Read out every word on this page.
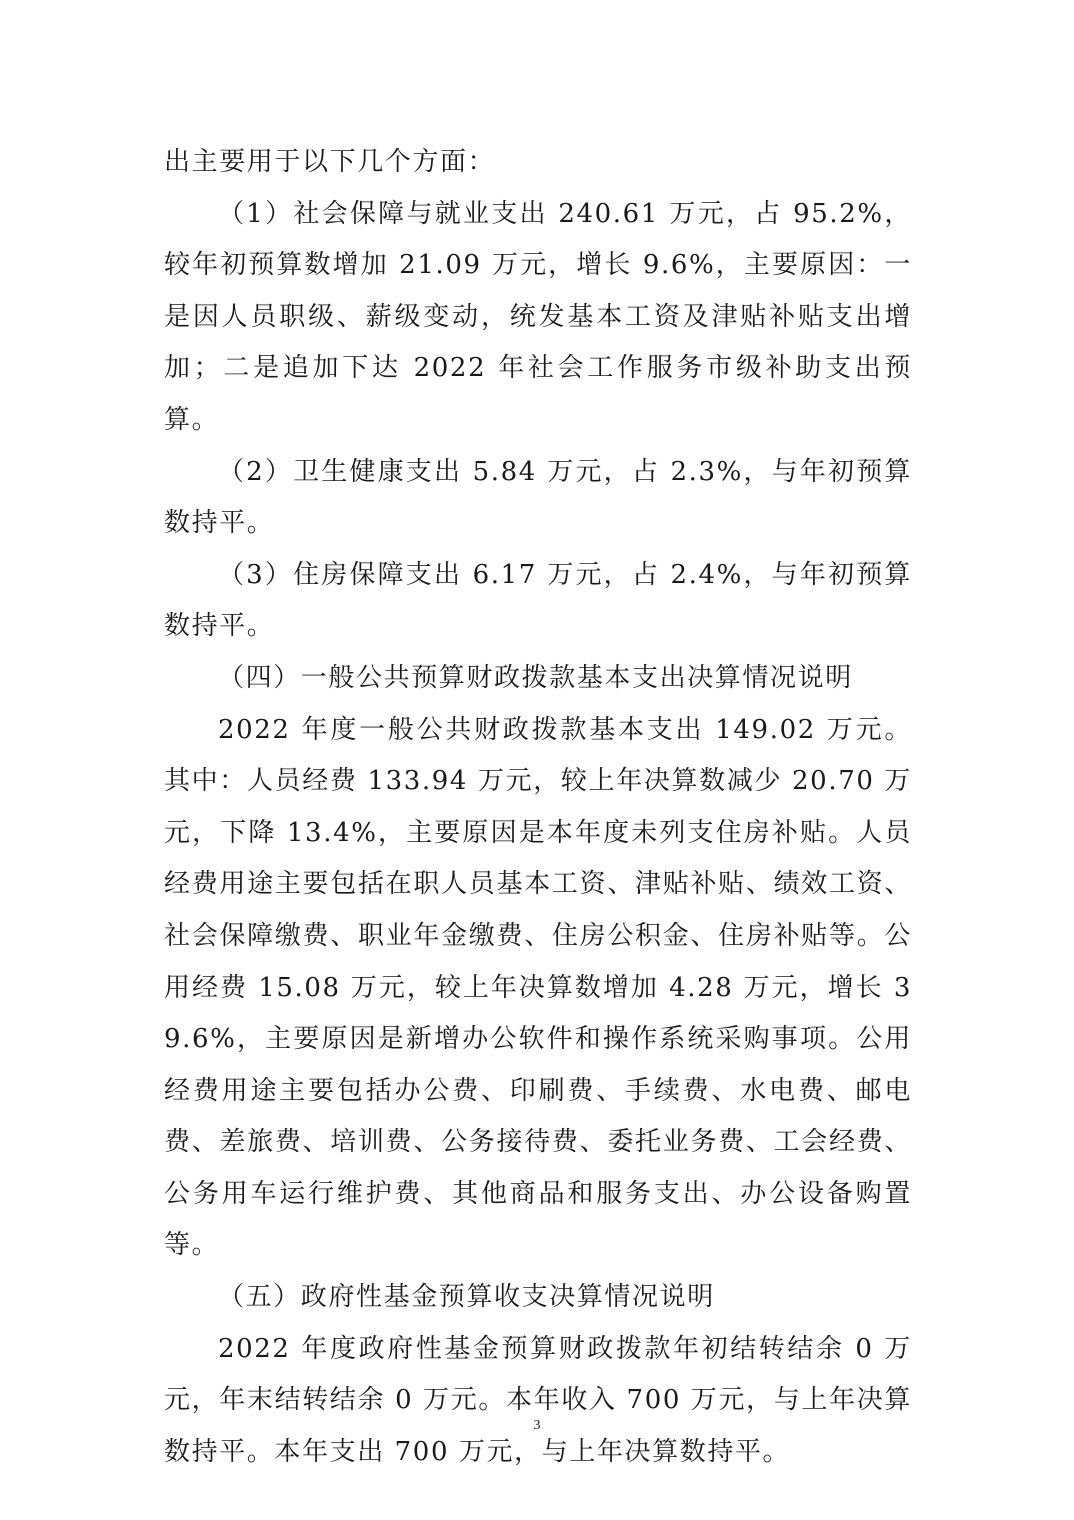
出主要用于以下几个方面：

（1）社会保障与就业支出 240.61 万元，占 95.2%，较年初预算数增加 21.09 万元，增长 9.6%，主要原因：一是因人员职级、薪级变动，统发基本工资及津贴补贴支出增加；二是追加下达 2022 年社会工作服务市级补助支出预算。

（2）卫生健康支出 5.84 万元，占 2.3%，与年初预算数持平。

（3）住房保障支出 6.17 万元，占 2.4%，与年初预算数持平。

（四）一般公共预算财政拨款基本支出决算情况说明

2022 年度一般公共财政拨款基本支出 149.02 万元。其中：人员经费 133.94 万元，较上年决算数减少 20.70 万元，下降 13.4%，主要原因是本年度未列支住房补贴。人员经费用途主要包括在职人员基本工资、津贴补贴、绩效工资、社会保障缴费、职业年金缴费、住房公积金、住房补贴等。公用经费 15.08 万元，较上年决算数增加 4.28 万元，增长 39.6%，主要原因是新增办公软件和操作系统采购事项。公用经费用途主要包括办公费、印刷费、手续费、水电费、邮电费、差旅费、培训费、公务接待费、委托业务费、工会经费、公务用车运行维护费、其他商品和服务支出、办公设备购置等。

（五）政府性基金预算收支决算情况说明

2022 年度政府性基金预算财政拨款年初结转结余 0 万元，年末结转结余 0 万元。本年收入 700 万元，与上年决算数持平。本年支出 700 万元，与上年决算数持平。

3
